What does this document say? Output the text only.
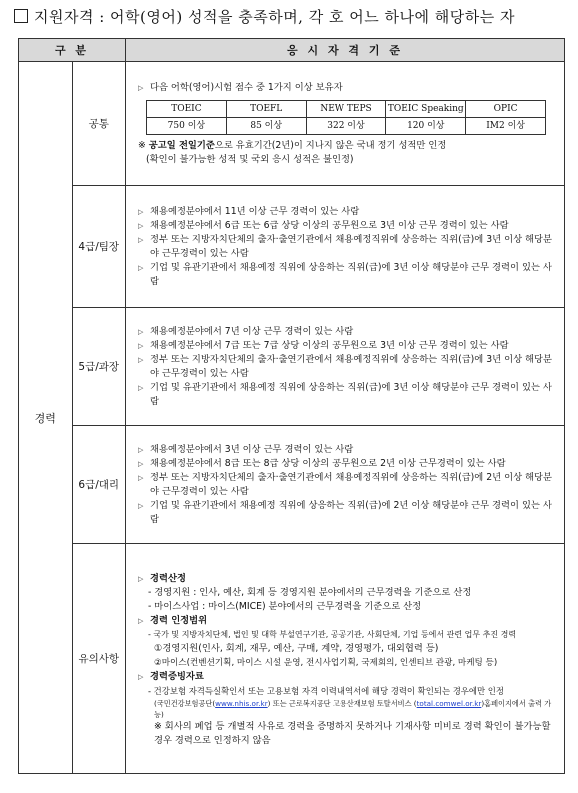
지원자격 : 어학(영어) 성적을 충족하며, 각 호 어느 하나에 해당하는 자
구 분	응 시 자 격 기 준
경력	공통	
▷ 다음 어학(영어)시험 점수 중 1가지 이상 보유자
TOEIC	TOEFL	NEW TEPS	TOEIC Speaking	OPIC
750 이상	85 이상	322 이상	120 이상	IM2 이상
※ 공고일 전일기준으로 유효기간(2년)이 지나지 않은 국내 정기 성적만 인정
(확인이 불가능한 성적 및 국외 응시 성적은 불인정)

4급/팀장	
▷ 채용예정분야에서 11년 이상 근무 경력이 있는 사람
▷ 채용예정분야에서 6급 또는 6급 상당 이상의 공무원으로 3년 이상 근무 경력이 있는 사람
▷ 정부 또는 지방자치단체의 출자·출연기관에서 채용예정직위에 상응하는 직위(급)에 3년 이상 해당분야 근무경력이 있는 사람
▷ 기업 및 유관기관에서 채용예정 직위에 상응하는 직위(급)에 3년 이상 해당분야 근무 경력이 있는 사람

5급/과장	
▷ 채용예정분야에서 7년 이상 근무 경력이 있는 사람
▷ 채용예정분야에서 7급 또는 7급 상당 이상의 공무원으로 3년 이상 근무 경력이 있는 사람
▷ 정부 또는 지방자치단체의 출자·출연기관에서 채용예정직위에 상응하는 직위(급)에 3년 이상 해당분야 근무경력이 있는 사람
▷ 기업 및 유관기관에서 채용예정 직위에 상응하는 직위(급)에 3년 이상 해당분야 근무 경력이 있는 사람

6급/대리	
▷ 채용예정분야에서 3년 이상 근무 경력이 있는 사람
▷ 채용예정분야에서 8급 또는 8급 상당 이상의 공무원으로 2년 이상 근무경력이 있는 사람
▷ 정부 또는 지방자치단체의 출자·출연기관에서 채용예정직위에 상응하는 직위(급)에 2년 이상 해당분야 근무경력이 있는 사람
▷ 기업 및 유관기관에서 채용예정 직위에 상응하는 직위(급)에 2년 이상 해당분야 근무 경력이 있는 사람

유의사항	
▷ 경력산정
- 경영지원 : 인사, 예산, 회계 등 경영지원 분야에서의 근무경력을 기준으로 산정
- 마이스사업 : 마이스(MICE) 분야에서의 근무경력을 기준으로 산정
▷ 경력 인정범위
- 국가 및 지방자치단체, 법인 및 대학 부설연구기관, 공공기관, 사회단체, 기업 등에서 관련 업무 추진 경력
①경영지원(인사, 회계, 재무, 예산, 구매, 계약, 경영평가, 대외협력 등)
②마이스(컨벤션기획, 마이스 시설 운영, 전시사업기획, 국제회의, 인센티브 관광, 마케팅 등)
▷ 경력증빙자료
- 건강보험 자격득실확인서 또는 고용보험 자격 이력내역서에 해당 경력이 확인되는 경우에만 인정
(국민건강보험공단(www.nhis.or.kr) 또는 근로복지공단 고용산재보험 토탈서비스 (total.comwel.or.kr)홈페이지에서 출력 가능)
※ 회사의 폐업 등 개별적 사유로 경력을 증명하지 못하거나 기재사항 미비로 경력 확인이 불가능할 경우 경력으로 인정하지 않음
